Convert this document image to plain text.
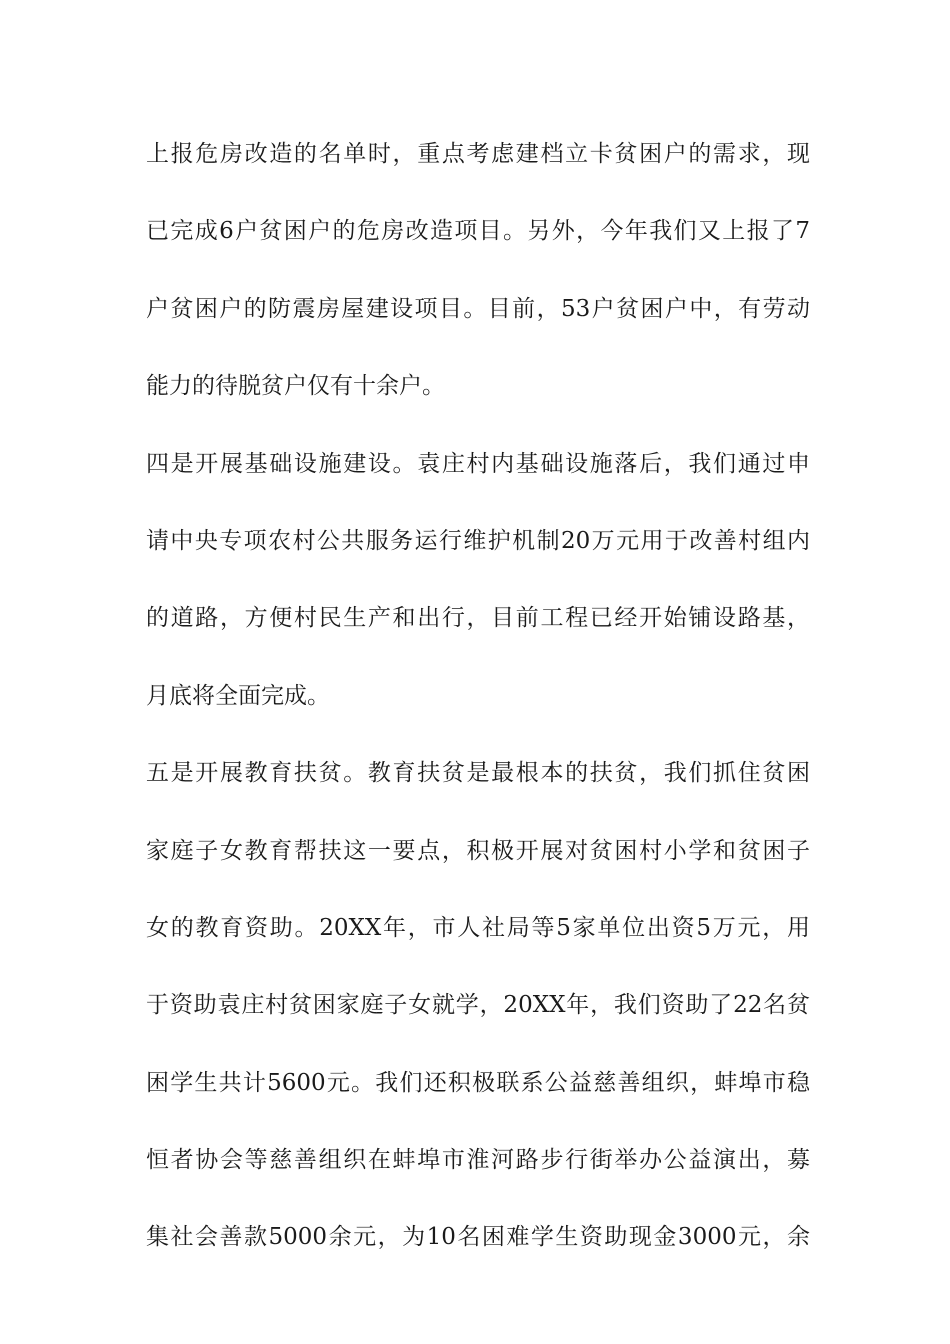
上报危房改造的名单时，重点考虑建档立卡贫困户的需求，现
已完成6户贫困户的危房改造项目。另外，今年我们又上报了7
户贫困户的防震房屋建设项目。目前，53户贫困户中，有劳动
能力的待脱贫户仅有十余户。
四是开展基础设施建设。袁庄村内基础设施落后，我们通过申
请中央专项农村公共服务运行维护机制20万元用于改善村组内
的道路，方便村民生产和出行，目前工程已经开始铺设路基，
月底将全面完成。
五是开展教育扶贫。教育扶贫是最根本的扶贫，我们抓住贫困
家庭子女教育帮扶这一要点，积极开展对贫困村小学和贫困子
女的教育资助。20XX年，市人社局等5家单位出资5万元，用
于资助袁庄村贫困家庭子女就学，20XX年，我们资助了22名贫
困学生共计5600元。我们还积极联系公益慈善组织，蚌埠市稳
恒者协会等慈善组织在蚌埠市淮河路步行街举办公益演出，募
集社会善款5000余元，为10名困难学生资助现金3000元，余
